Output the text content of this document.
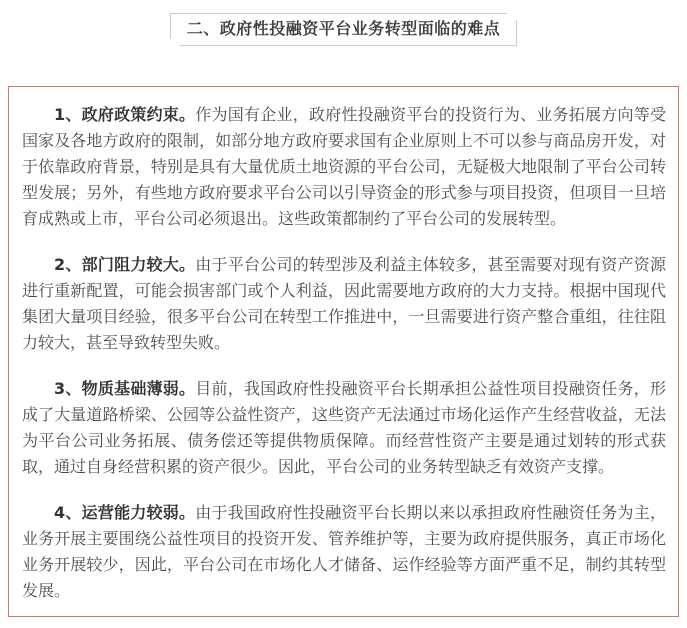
二、政府性投融资平台业务转型面临的难点

1、政府政策约束。作为国有企业，政府性投融资平台的投资行为、业务拓展方向等受国家及各地方政府的限制，如部分地方政府要求国有企业原则上不可以参与商品房开发，对于依靠政府背景，特别是具有大量优质土地资源的平台公司，无疑极大地限制了平台公司转型发展；另外，有些地方政府要求平台公司以引导资金的形式参与项目投资，但项目一旦培育成熟或上市，平台公司必须退出。这些政策都制约了平台公司的发展转型。

2、部门阻力较大。由于平台公司的转型涉及利益主体较多，甚至需要对现有资产资源进行重新配置，可能会损害部门或个人利益，因此需要地方政府的大力支持。根据中国现代集团大量项目经验，很多平台公司在转型工作推进中，一旦需要进行资产整合重组，往往阻力较大，甚至导致转型失败。

3、物质基础薄弱。目前，我国政府性投融资平台长期承担公益性项目投融资任务，形成了大量道路桥梁、公园等公益性资产，这些资产无法通过市场化运作产生经营收益，无法为平台公司业务拓展、债务偿还等提供物质保障。而经营性资产主要是通过划转的形式获取，通过自身经营积累的资产很少。因此，平台公司的业务转型缺乏有效资产支撑。

4、运营能力较弱。由于我国政府性投融资平台长期以来以承担政府性融资任务为主，业务开展主要围绕公益性项目的投资开发、管养维护等，主要为政府提供服务，真正市场化业务开展较少，因此，平台公司在市场化人才储备、运作经验等方面严重不足，制约其转型发展。
